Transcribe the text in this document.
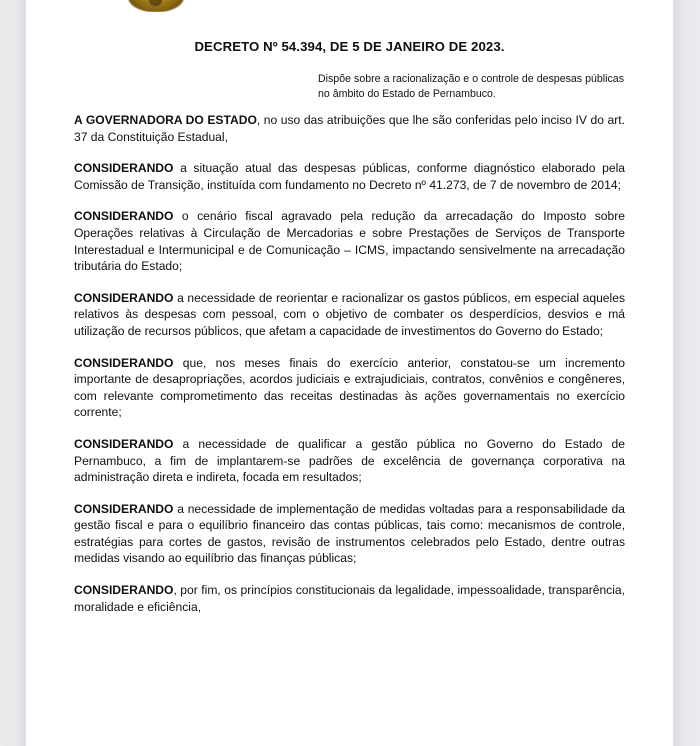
DECRETO Nº 54.394, DE 5 DE JANEIRO DE 2023.
Dispõe sobre a racionalização e o controle de despesas públicas no âmbito do Estado de Pernambuco.

A GOVERNADORA DO ESTADO, no uso das atribuições que lhe são conferidas pelo inciso IV do art. 37 da Constituição Estadual,

CONSIDERANDO a situação atual das despesas públicas, conforme diagnóstico elaborado pela Comissão de Transição, instituída com fundamento no Decreto nº 41.273, de 7 de novembro de 2014;

CONSIDERANDO o cenário fiscal agravado pela redução da arrecadação do Imposto sobre Operações relativas à Circulação de Mercadorias e sobre Prestações de Serviços de Transporte Interestadual e Intermunicipal e de Comunicação – ICMS, impactando sensivelmente na arrecadação tributária do Estado;

CONSIDERANDO a necessidade de reorientar e racionalizar os gastos públicos, em especial aqueles relativos às despesas com pessoal, com o objetivo de combater os desperdícios, desvios e má utilização de recursos públicos, que afetam a capacidade de investimentos do Governo do Estado;

CONSIDERANDO que, nos meses finais do exercício anterior, constatou-se um incremento importante de desapropriações, acordos judiciais e extrajudiciais, contratos, convênios e congêneres, com relevante comprometimento das receitas destinadas às ações governamentais no exercício corrente;

CONSIDERANDO a necessidade de qualificar a gestão pública no Governo do Estado de Pernambuco, a fim de implantarem-se padrões de excelência de governança corporativa na administração direta e indireta, focada em resultados;

CONSIDERANDO a necessidade de implementação de medidas voltadas para a responsabilidade da gestão fiscal e para o equilíbrio financeiro das contas públicas, tais como: mecanismos de controle, estratégias para cortes de gastos, revisão de instrumentos celebrados pelo Estado, dentre outras medidas visando ao equilíbrio das finanças públicas;

CONSIDERANDO, por fim, os princípios constitucionais da legalidade, impessoalidade, transparência, moralidade e eficiência,
